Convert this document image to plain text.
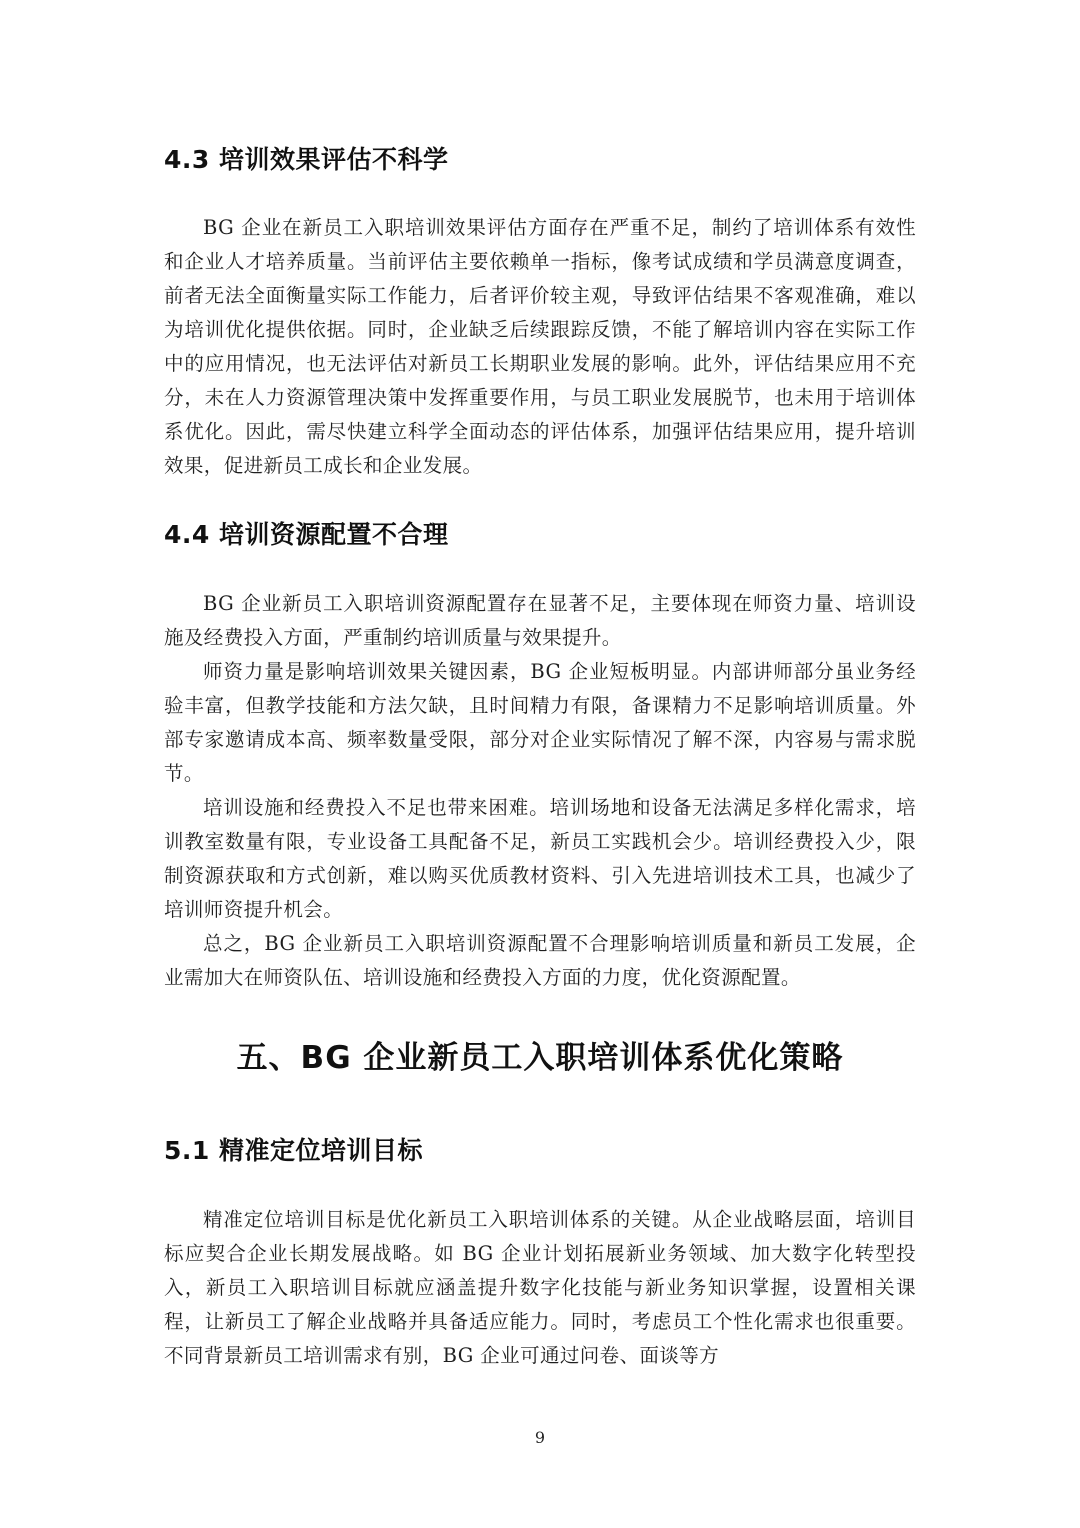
4.3 培训效果评估不科学

BG 企业在新员工入职培训效果评估方面存在严重不足，制约了培训体系有效性和企业人才培养质量。当前评估主要依赖单一指标，像考试成绩和学员满意度调查，前者无法全面衡量实际工作能力，后者评价较主观，导致评估结果不客观准确，难以为培训优化提供依据。同时，企业缺乏后续跟踪反馈，不能了解培训内容在实际工作中的应用情况，也无法评估对新员工长期职业发展的影响。此外，评估结果应用不充分，未在人力资源管理决策中发挥重要作用，与员工职业发展脱节，也未用于培训体系优化。因此，需尽快建立科学全面动态的评估体系，加强评估结果应用，提升培训效果，促进新员工成长和企业发展。

4.4 培训资源配置不合理

BG 企业新员工入职培训资源配置存在显著不足，主要体现在师资力量、培训设施及经费投入方面，严重制约培训质量与效果提升。

师资力量是影响培训效果关键因素，BG 企业短板明显。内部讲师部分虽业务经验丰富，但教学技能和方法欠缺，且时间精力有限，备课精力不足影响培训质量。外部专家邀请成本高、频率数量受限，部分对企业实际情况了解不深，内容易与需求脱节。

培训设施和经费投入不足也带来困难。培训场地和设备无法满足多样化需求，培训教室数量有限，专业设备工具配备不足，新员工实践机会少。培训经费投入少，限制资源获取和方式创新，难以购买优质教材资料、引入先进培训技术工具，也减少了培训师资提升机会。

总之，BG 企业新员工入职培训资源配置不合理影响培训质量和新员工发展，企业需加大在师资队伍、培训设施和经费投入方面的力度，优化资源配置。

五、BG 企业新员工入职培训体系优化策略
5.1 精准定位培训目标

精准定位培训目标是优化新员工入职培训体系的关键。从企业战略层面，培训目标应契合企业长期发展战略。如 BG 企业计划拓展新业务领域、加大数字化转型投入，新员工入职培训目标就应涵盖提升数字化技能与新业务知识掌握，设置相关课程，让新员工了解企业战略并具备适应能力。同时，考虑员工个性化需求也很重要。不同背景新员工培训需求有别，BG 企业可通过问卷、面谈等方

9
